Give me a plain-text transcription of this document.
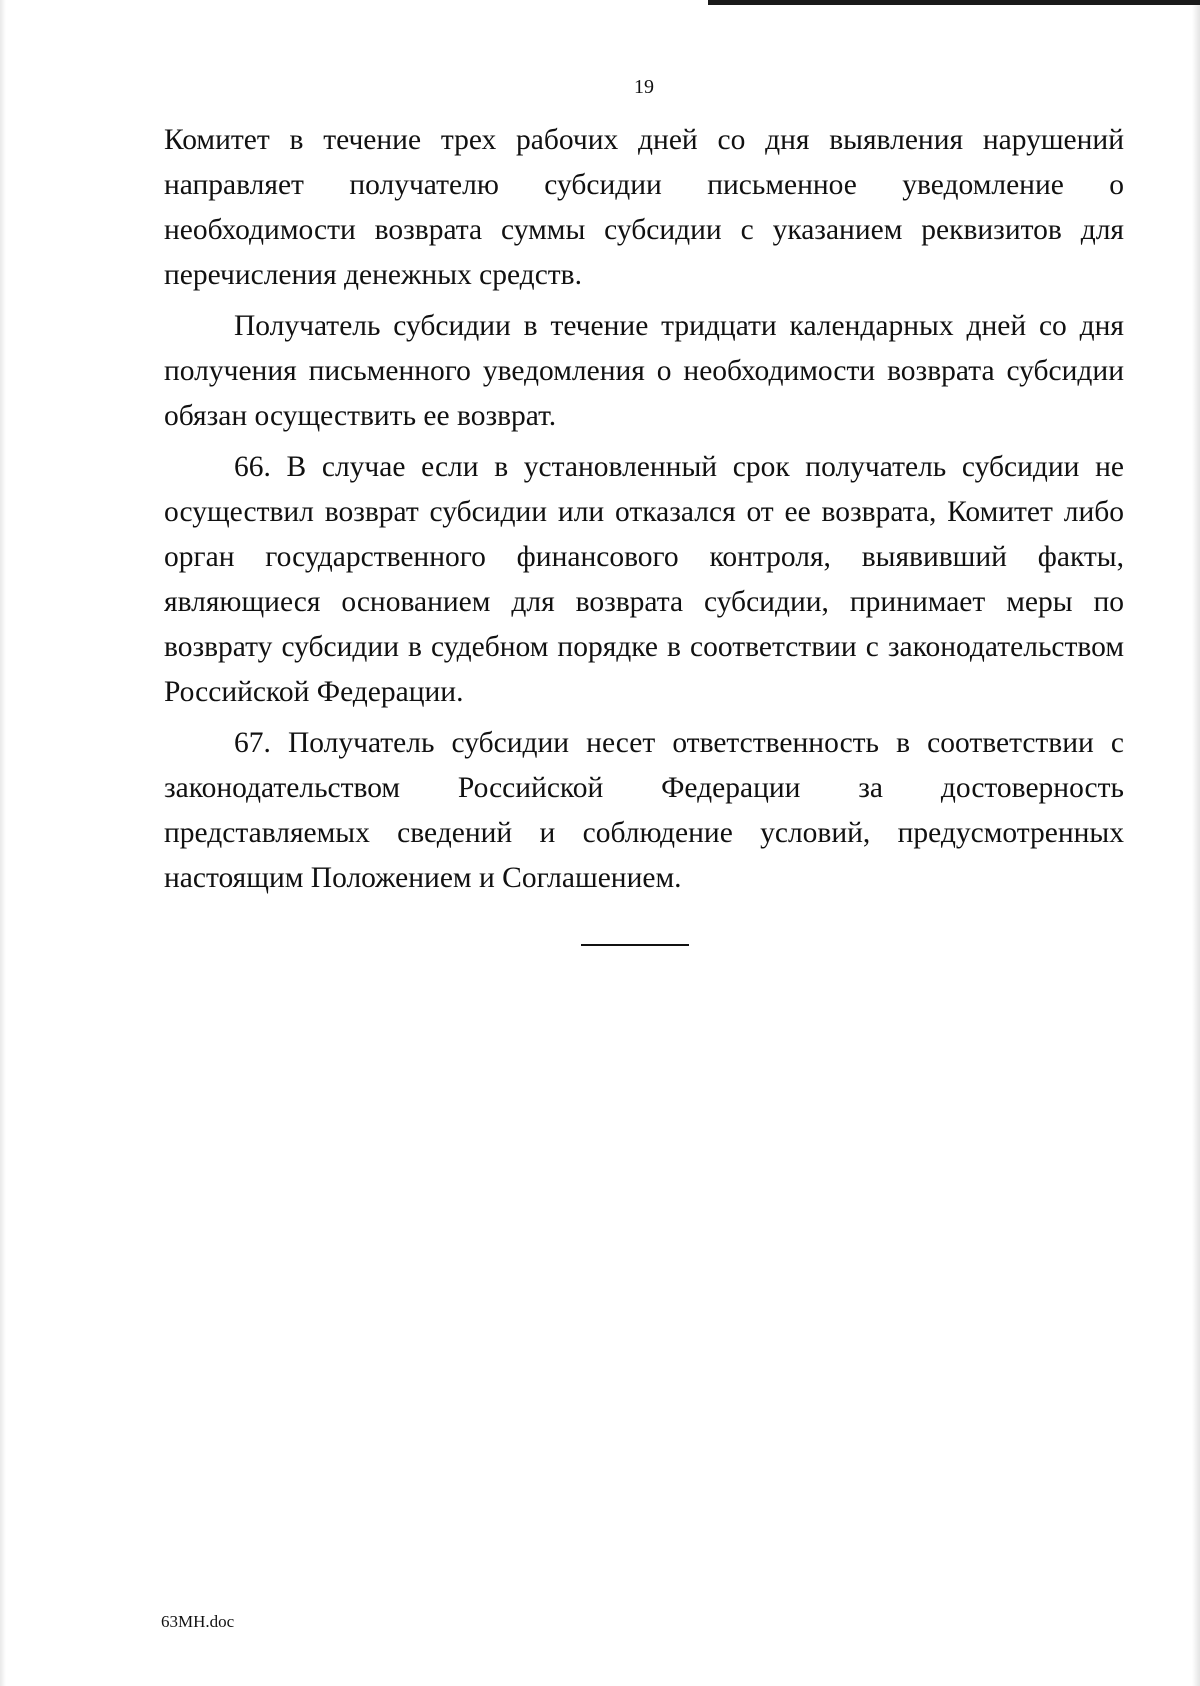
19

Комитет в течение трех рабочих дней со дня выявления нарушений направляет получателю субсидии письменное уведомление о необходимости возврата суммы субсидии с указанием реквизитов для перечисления денежных средств.

Получатель субсидии в течение тридцати календарных дней со дня получения письменного уведомления о необходимости возврата субсидии обязан осуществить ее возврат.

66. В случае если в установленный срок получатель субсидии не осуществил возврат субсидии или отказался от ее возврата, Комитет либо орган государственного финансового контроля, выявивший факты, являющиеся основанием для возврата субсидии, принимает меры по возврату субсидии в судебном порядке в соответствии с законодательством Российской Федерации.

67. Получатель субсидии несет ответственность в соответствии с законодательством Российской Федерации за достоверность представляемых сведений и соблюдение условий, предусмотренных настоящим Положением и Соглашением.

63МН.doc
